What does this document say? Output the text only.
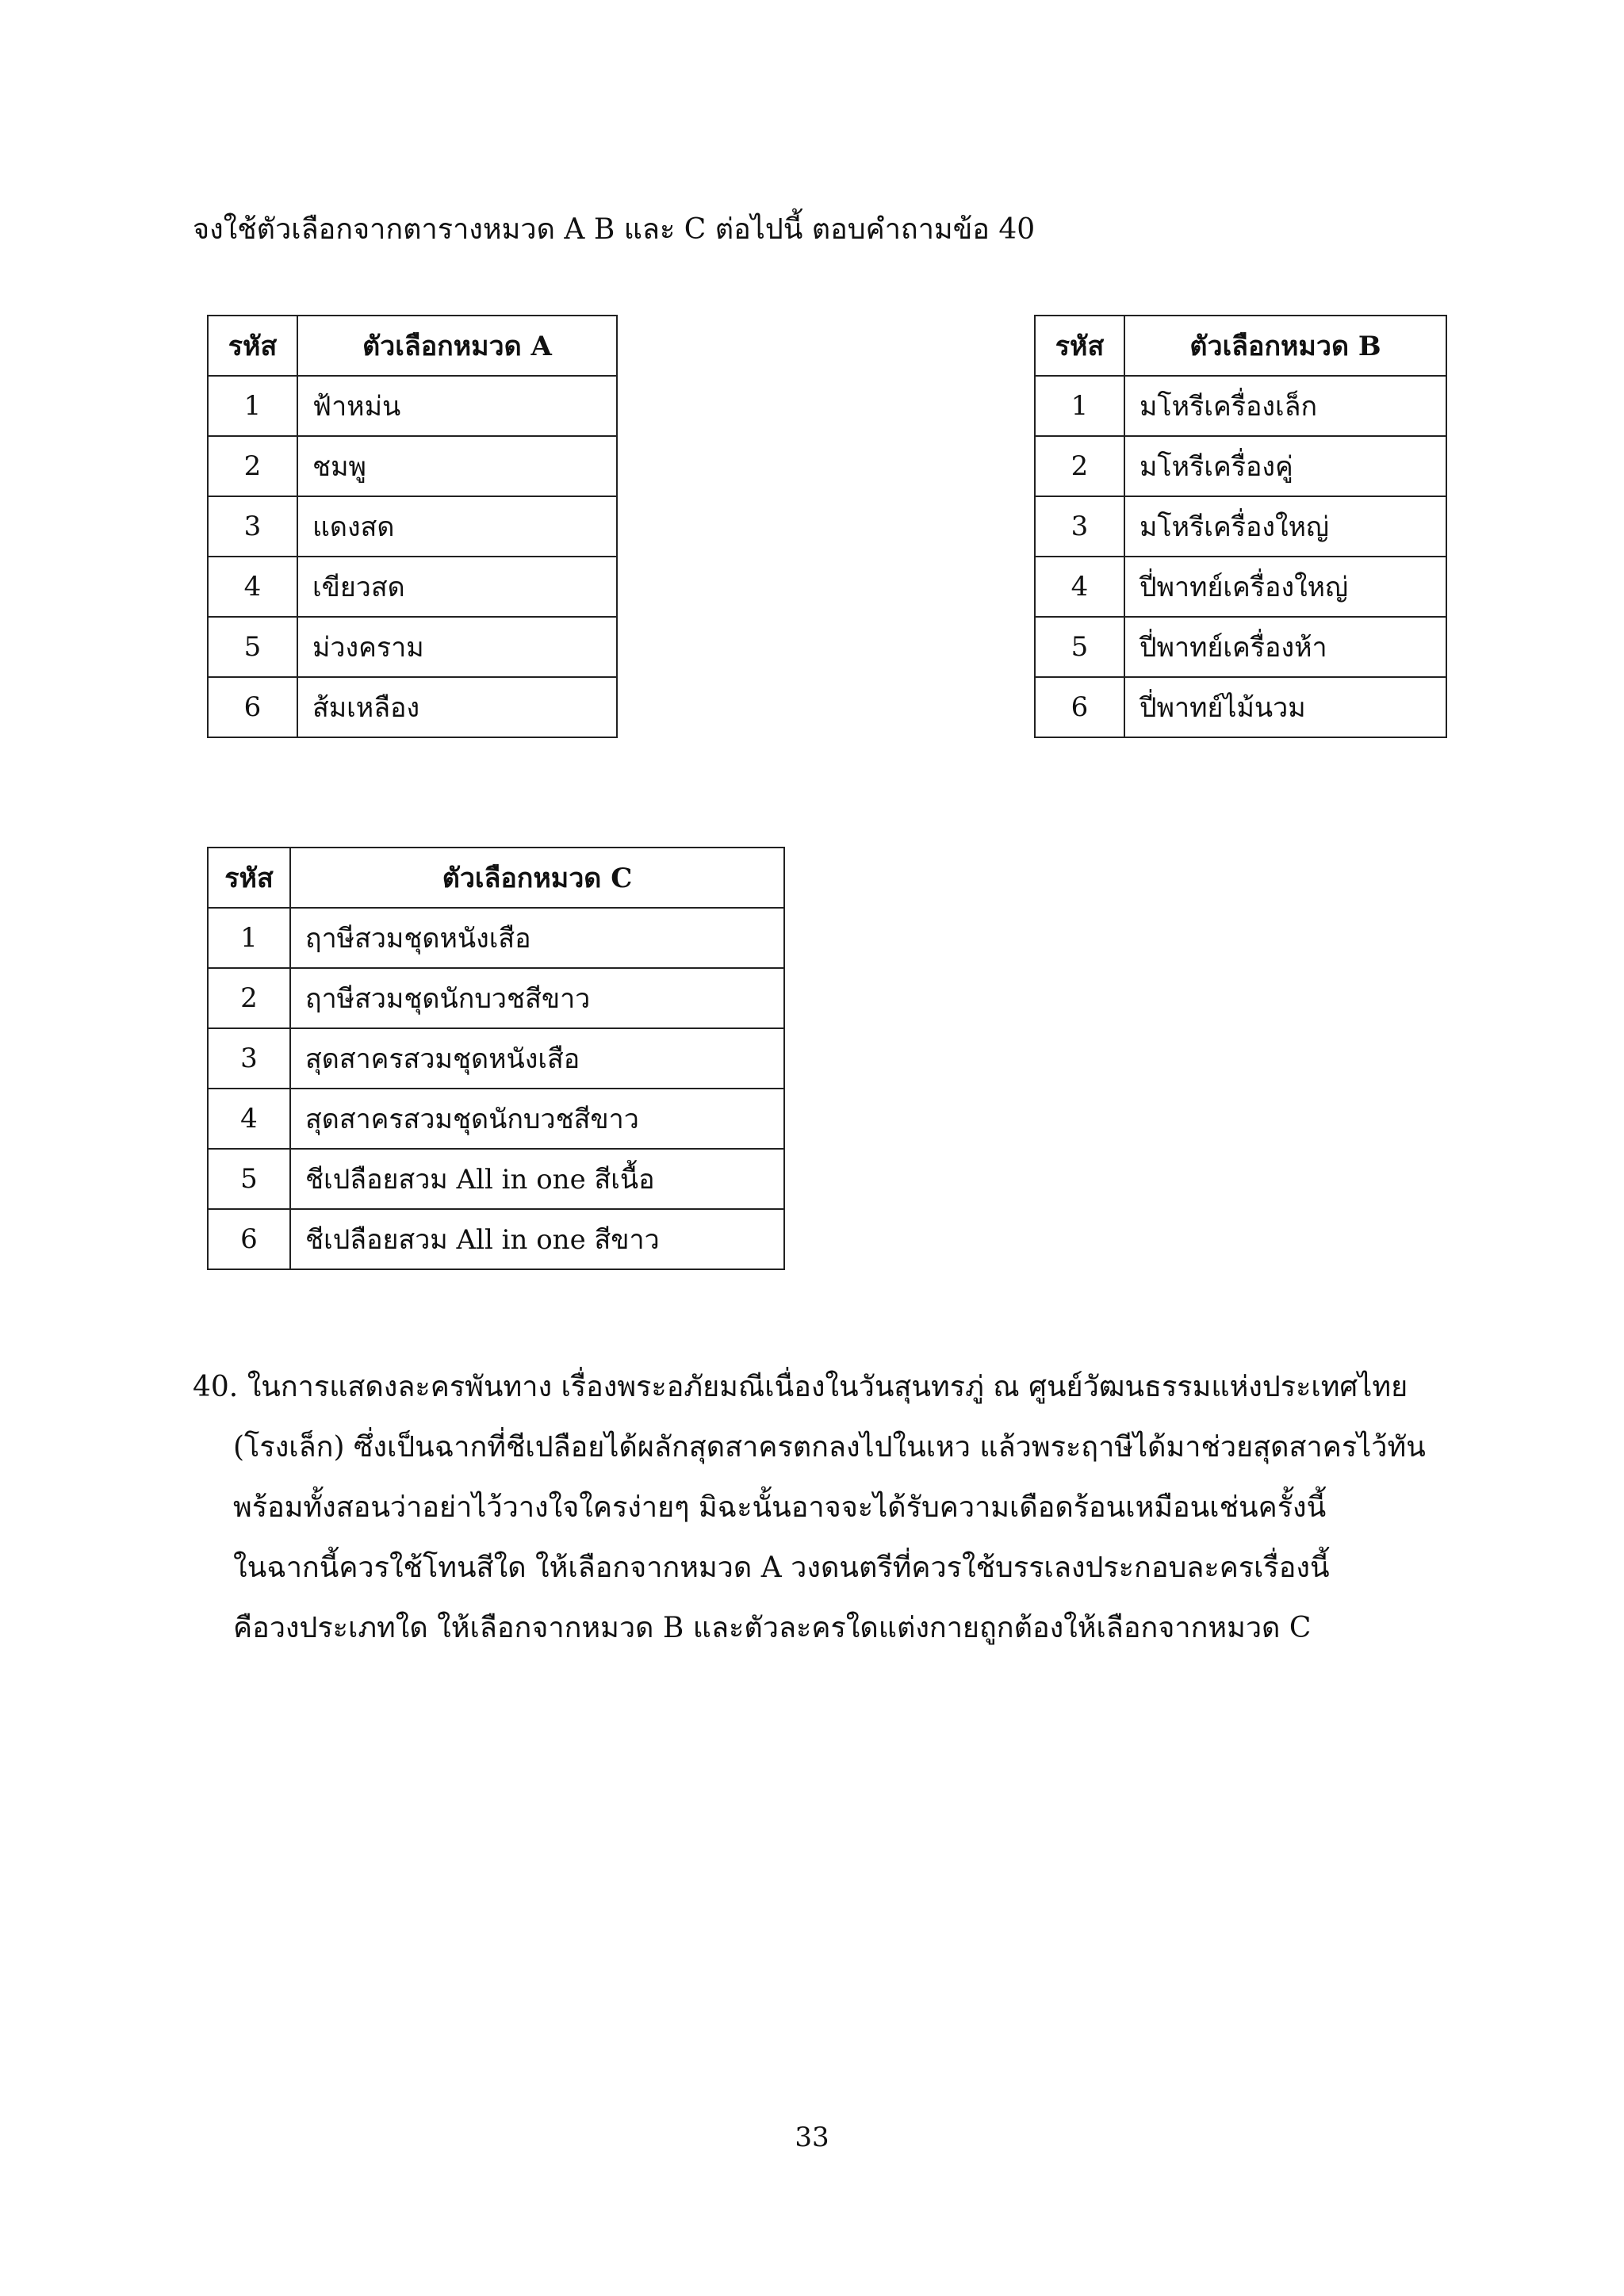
จงใช้ตัวเลือกจากตารางหมวด A B และ C ต่อไปนี้ ตอบคำถามข้อ 40
รหัส	ตัวเลือกหมวด A
1	ฟ้าหม่น
2	ชมพู
3	แดงสด
4	เขียวสด
5	ม่วงคราม
6	ส้มเหลือง
รหัส	ตัวเลือกหมวด B
1	มโหรีเครื่องเล็ก
2	มโหรีเครื่องคู่
3	มโหรีเครื่องใหญ่
4	ปี่พาทย์เครื่องใหญ่
5	ปี่พาทย์เครื่องห้า
6	ปี่พาทย์ไม้นวม
รหัส	ตัวเลือกหมวด C
1	ฤาษีสวมชุดหนังเสือ
2	ฤาษีสวมชุดนักบวชสีขาว
3	สุดสาครสวมชุดหนังเสือ
4	สุดสาครสวมชุดนักบวชสีขาว
5	ชีเปลือยสวม All in one สีเนื้อ
6	ชีเปลือยสวม All in one สีขาว
40. ในการแสดงละครพันทาง เรื่องพระอภัยมณีเนื่องในวันสุนทรภู่ ณ ศูนย์วัฒนธรรมแห่งประเทศไทย
(โรงเล็ก) ซึ่งเป็นฉากที่ชีเปลือยได้ผลักสุดสาครตกลงไปในเหว แล้วพระฤาษีได้มาช่วยสุดสาครไว้ทัน
พร้อมทั้งสอนว่าอย่าไว้วางใจใครง่ายๆ มิฉะนั้นอาจจะได้รับความเดือดร้อนเหมือนเช่นครั้งนี้
ในฉากนี้ควรใช้โทนสีใด ให้เลือกจากหมวด A วงดนตรีที่ควรใช้บรรเลงประกอบละครเรื่องนี้
คือวงประเภทใด ให้เลือกจากหมวด B และตัวละครใดแต่งกายถูกต้องให้เลือกจากหมวด C
33
